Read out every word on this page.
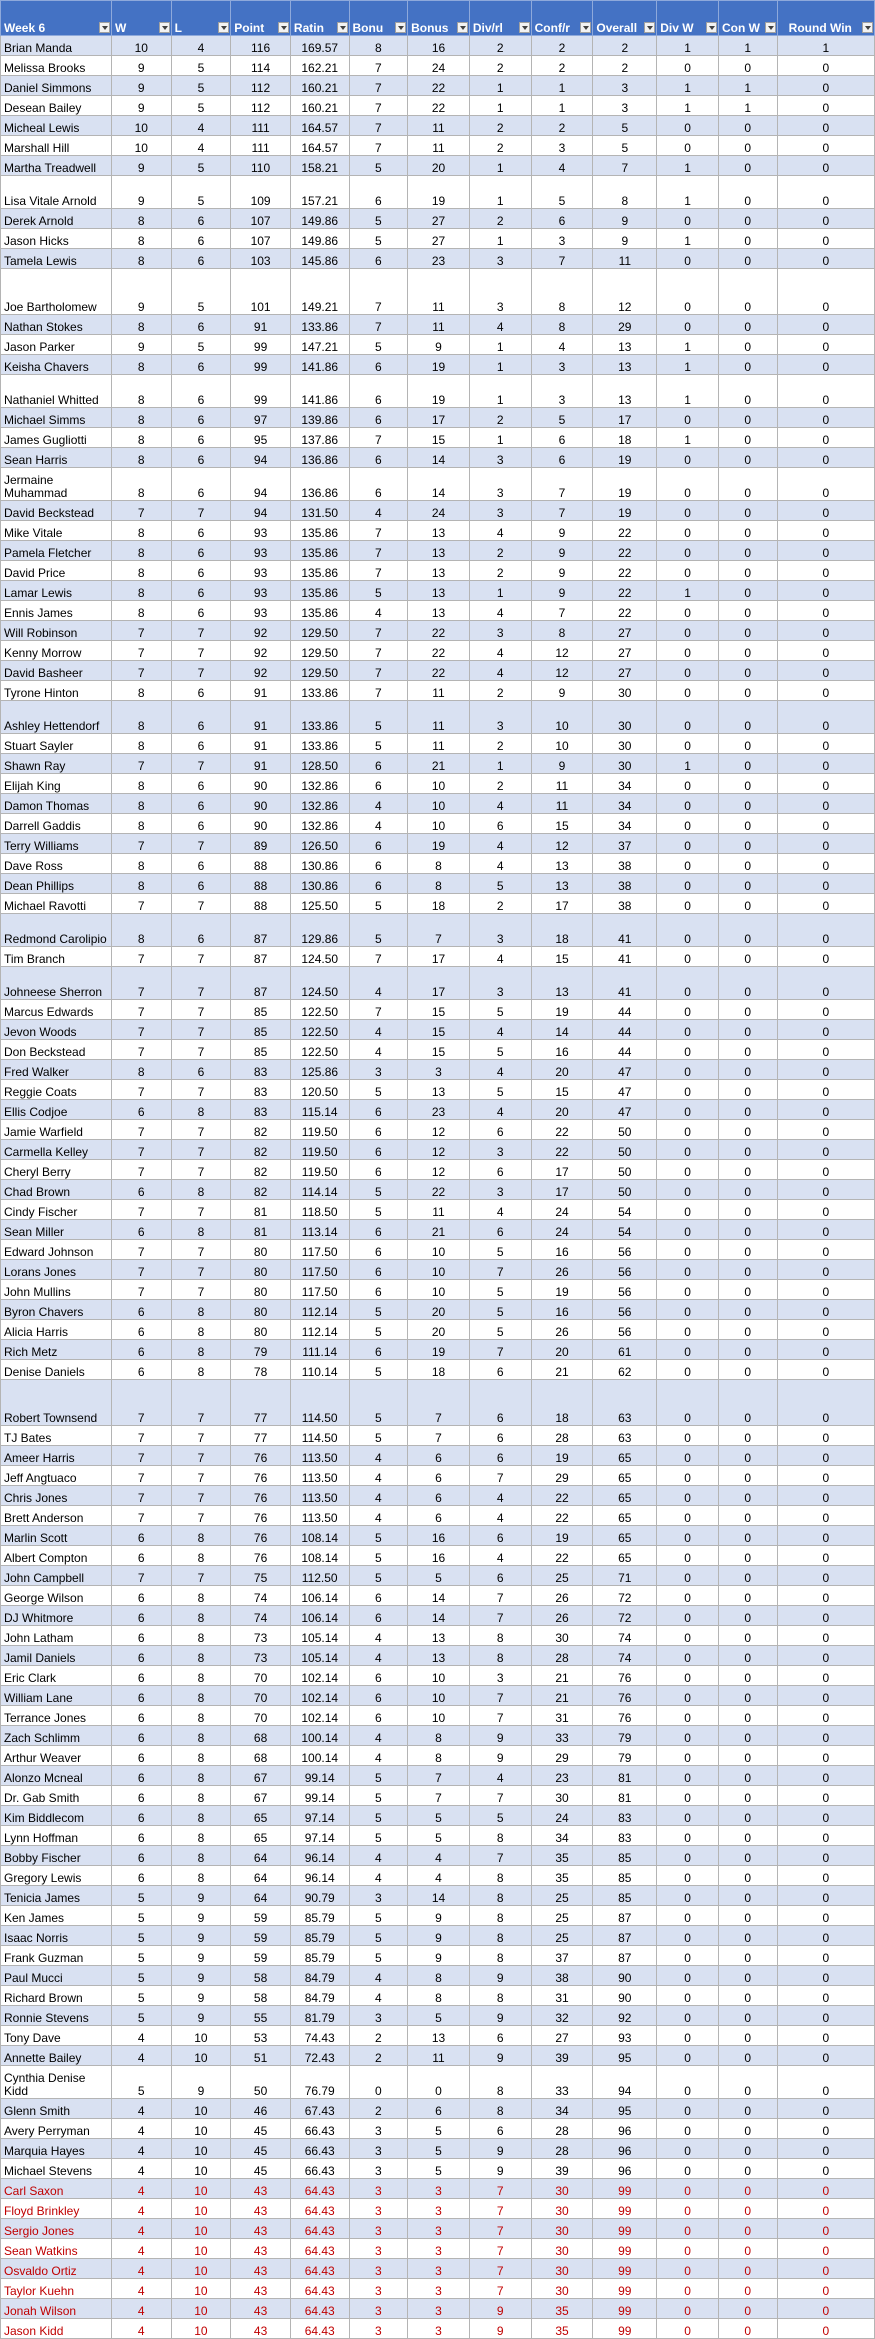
Week 6	W	L	Point	Ratin	Bonu	Bonus	Div/rl	Conf/r	Overall	Div W	Con W	Round Win

Brian Manda	10	4	116	169.57	8	16	2	2	2	1	1	1
Melissa Brooks	9	5	114	162.21	7	24	2	2	2	0	0	0
Daniel Simmons	9	5	112	160.21	7	22	1	1	3	1	1	0
Desean Bailey	9	5	112	160.21	7	22	1	1	3	1	1	0
Micheal Lewis	10	4	111	164.57	7	11	2	2	5	0	0	0
Marshall Hill	10	4	111	164.57	7	11	2	3	5	0	0	0
Martha Treadwell	9	5	110	158.21	5	20	1	4	7	1	0	0
Lisa Vitale Arnold	9	5	109	157.21	6	19	1	5	8	1	0	0
Derek Arnold	8	6	107	149.86	5	27	2	6	9	0	0	0
Jason Hicks	8	6	107	149.86	5	27	1	3	9	1	0	0
Tamela Lewis	8	6	103	145.86	6	23	3	7	11	0	0	0
Joe Bartholomew	9	5	101	149.21	7	11	3	8	12	0	0	0
Nathan Stokes	8	6	91	133.86	7	11	4	8	29	0	0	0
Jason Parker	9	5	99	147.21	5	9	1	4	13	1	0	0
Keisha Chavers	8	6	99	141.86	6	19	1	3	13	1	0	0
Nathaniel Whitted	8	6	99	141.86	6	19	1	3	13	1	0	0
Michael Simms	8	6	97	139.86	6	17	2	5	17	0	0	0
James Gugliotti	8	6	95	137.86	7	15	1	6	18	1	0	0
Sean Harris	8	6	94	136.86	6	14	3	6	19	0	0	0
Jermaine Muhammad	8	6	94	136.86	6	14	3	7	19	0	0	0
David Beckstead	7	7	94	131.50	4	24	3	7	19	0	0	0
Mike Vitale	8	6	93	135.86	7	13	4	9	22	0	0	0
Pamela Fletcher	8	6	93	135.86	7	13	2	9	22	0	0	0
David Price	8	6	93	135.86	7	13	2	9	22	0	0	0
Lamar Lewis	8	6	93	135.86	5	13	1	9	22	1	0	0
Ennis James	8	6	93	135.86	4	13	4	7	22	0	0	0
Will Robinson	7	7	92	129.50	7	22	3	8	27	0	0	0
Kenny Morrow	7	7	92	129.50	7	22	4	12	27	0	0	0
David Basheer	7	7	92	129.50	7	22	4	12	27	0	0	0
Tyrone Hinton	8	6	91	133.86	7	11	2	9	30	0	0	0
Ashley Hettendorf	8	6	91	133.86	5	11	3	10	30	0	0	0
Stuart Sayler	8	6	91	133.86	5	11	2	10	30	0	0	0
Shawn Ray	7	7	91	128.50	6	21	1	9	30	1	0	0
Elijah King	8	6	90	132.86	6	10	2	11	34	0	0	0
Damon Thomas	8	6	90	132.86	4	10	4	11	34	0	0	0
Darrell Gaddis	8	6	90	132.86	4	10	6	15	34	0	0	0
Terry Williams	7	7	89	126.50	6	19	4	12	37	0	0	0
Dave Ross	8	6	88	130.86	6	8	4	13	38	0	0	0
Dean Phillips	8	6	88	130.86	6	8	5	13	38	0	0	0
Michael Ravotti	7	7	88	125.50	5	18	2	17	38	0	0	0
Redmond Carolipio	8	6	87	129.86	5	7	3	18	41	0	0	0
Tim Branch	7	7	87	124.50	7	17	4	15	41	0	0	0
Johneese Sherron	7	7	87	124.50	4	17	3	13	41	0	0	0
Marcus Edwards	7	7	85	122.50	7	15	5	19	44	0	0	0
Jevon Woods	7	7	85	122.50	4	15	4	14	44	0	0	0
Don Beckstead	7	7	85	122.50	4	15	5	16	44	0	0	0
Fred Walker	8	6	83	125.86	3	3	4	20	47	0	0	0
Reggie Coats	7	7	83	120.50	5	13	5	15	47	0	0	0
Ellis Codjoe	6	8	83	115.14	6	23	4	20	47	0	0	0
Jamie Warfield	7	7	82	119.50	6	12	6	22	50	0	0	0
Carmella Kelley	7	7	82	119.50	6	12	3	22	50	0	0	0
Cheryl Berry	7	7	82	119.50	6	12	6	17	50	0	0	0
Chad Brown	6	8	82	114.14	5	22	3	17	50	0	0	0
Cindy Fischer	7	7	81	118.50	5	11	4	24	54	0	0	0
Sean Miller	6	8	81	113.14	6	21	6	24	54	0	0	0
Edward Johnson	7	7	80	117.50	6	10	5	16	56	0	0	0
Lorans Jones	7	7	80	117.50	6	10	7	26	56	0	0	0
John Mullins	7	7	80	117.50	6	10	5	19	56	0	0	0
Byron Chavers	6	8	80	112.14	5	20	5	16	56	0	0	0
Alicia Harris	6	8	80	112.14	5	20	5	26	56	0	0	0
Rich Metz	6	8	79	111.14	6	19	7	20	61	0	0	0
Denise Daniels	6	8	78	110.14	5	18	6	21	62	0	0	0
Robert Townsend	7	7	77	114.50	5	7	6	18	63	0	0	0
TJ Bates	7	7	77	114.50	5	7	6	28	63	0	0	0
Ameer Harris	7	7	76	113.50	4	6	6	19	65	0	0	0
Jeff Angtuaco	7	7	76	113.50	4	6	7	29	65	0	0	0
Chris Jones	7	7	76	113.50	4	6	4	22	65	0	0	0
Brett Anderson	7	7	76	113.50	4	6	4	22	65	0	0	0
Marlin Scott	6	8	76	108.14	5	16	6	19	65	0	0	0
Albert Compton	6	8	76	108.14	5	16	4	22	65	0	0	0
John Campbell	7	7	75	112.50	5	5	6	25	71	0	0	0
George Wilson	6	8	74	106.14	6	14	7	26	72	0	0	0
DJ Whitmore	6	8	74	106.14	6	14	7	26	72	0	0	0
John Latham	6	8	73	105.14	4	13	8	30	74	0	0	0
Jamil Daniels	6	8	73	105.14	4	13	8	28	74	0	0	0
Eric Clark	6	8	70	102.14	6	10	3	21	76	0	0	0
William Lane	6	8	70	102.14	6	10	7	21	76	0	0	0
Terrance Jones	6	8	70	102.14	6	10	7	31	76	0	0	0
Zach Schlimm	6	8	68	100.14	4	8	9	33	79	0	0	0
Arthur Weaver	6	8	68	100.14	4	8	9	29	79	0	0	0
Alonzo Mcneal	6	8	67	99.14	5	7	4	23	81	0	0	0
Dr. Gab Smith	6	8	67	99.14	5	7	7	30	81	0	0	0
Kim Biddlecom	6	8	65	97.14	5	5	5	24	83	0	0	0
Lynn Hoffman	6	8	65	97.14	5	5	8	34	83	0	0	0
Bobby Fischer	6	8	64	96.14	4	4	7	35	85	0	0	0
Gregory Lewis	6	8	64	96.14	4	4	8	35	85	0	0	0
Tenicia James	5	9	64	90.79	3	14	8	25	85	0	0	0
Ken James	5	9	59	85.79	5	9	8	25	87	0	0	0
Isaac Norris	5	9	59	85.79	5	9	8	25	87	0	0	0
Frank Guzman	5	9	59	85.79	5	9	8	37	87	0	0	0
Paul Mucci	5	9	58	84.79	4	8	9	38	90	0	0	0
Richard Brown	5	9	58	84.79	4	8	8	31	90	0	0	0
Ronnie Stevens	5	9	55	81.79	3	5	9	32	92	0	0	0
Tony Dave	4	10	53	74.43	2	13	6	27	93	0	0	0
Annette Bailey	4	10	51	72.43	2	11	9	39	95	0	0	0
Cynthia Denise Kidd	5	9	50	76.79	0	0	8	33	94	0	0	0
Glenn Smith	4	10	46	67.43	2	6	8	34	95	0	0	0
Avery Perryman	4	10	45	66.43	3	5	6	28	96	0	0	0
Marquia Hayes	4	10	45	66.43	3	5	9	28	96	0	0	0
Michael Stevens	4	10	45	66.43	3	5	9	39	96	0	0	0
Carl Saxon	4	10	43	64.43	3	3	7	30	99	0	0	0
Floyd Brinkley	4	10	43	64.43	3	3	7	30	99	0	0	0
Sergio Jones	4	10	43	64.43	3	3	7	30	99	0	0	0
Sean Watkins	4	10	43	64.43	3	3	7	30	99	0	0	0
Osvaldo Ortiz	4	10	43	64.43	3	3	7	30	99	0	0	0
Taylor Kuehn	4	10	43	64.43	3	3	7	30	99	0	0	0
Jonah Wilson	4	10	43	64.43	3	3	9	35	99	0	0	0
Jason Kidd	4	10	43	64.43	3	3	9	35	99	0	0	0
